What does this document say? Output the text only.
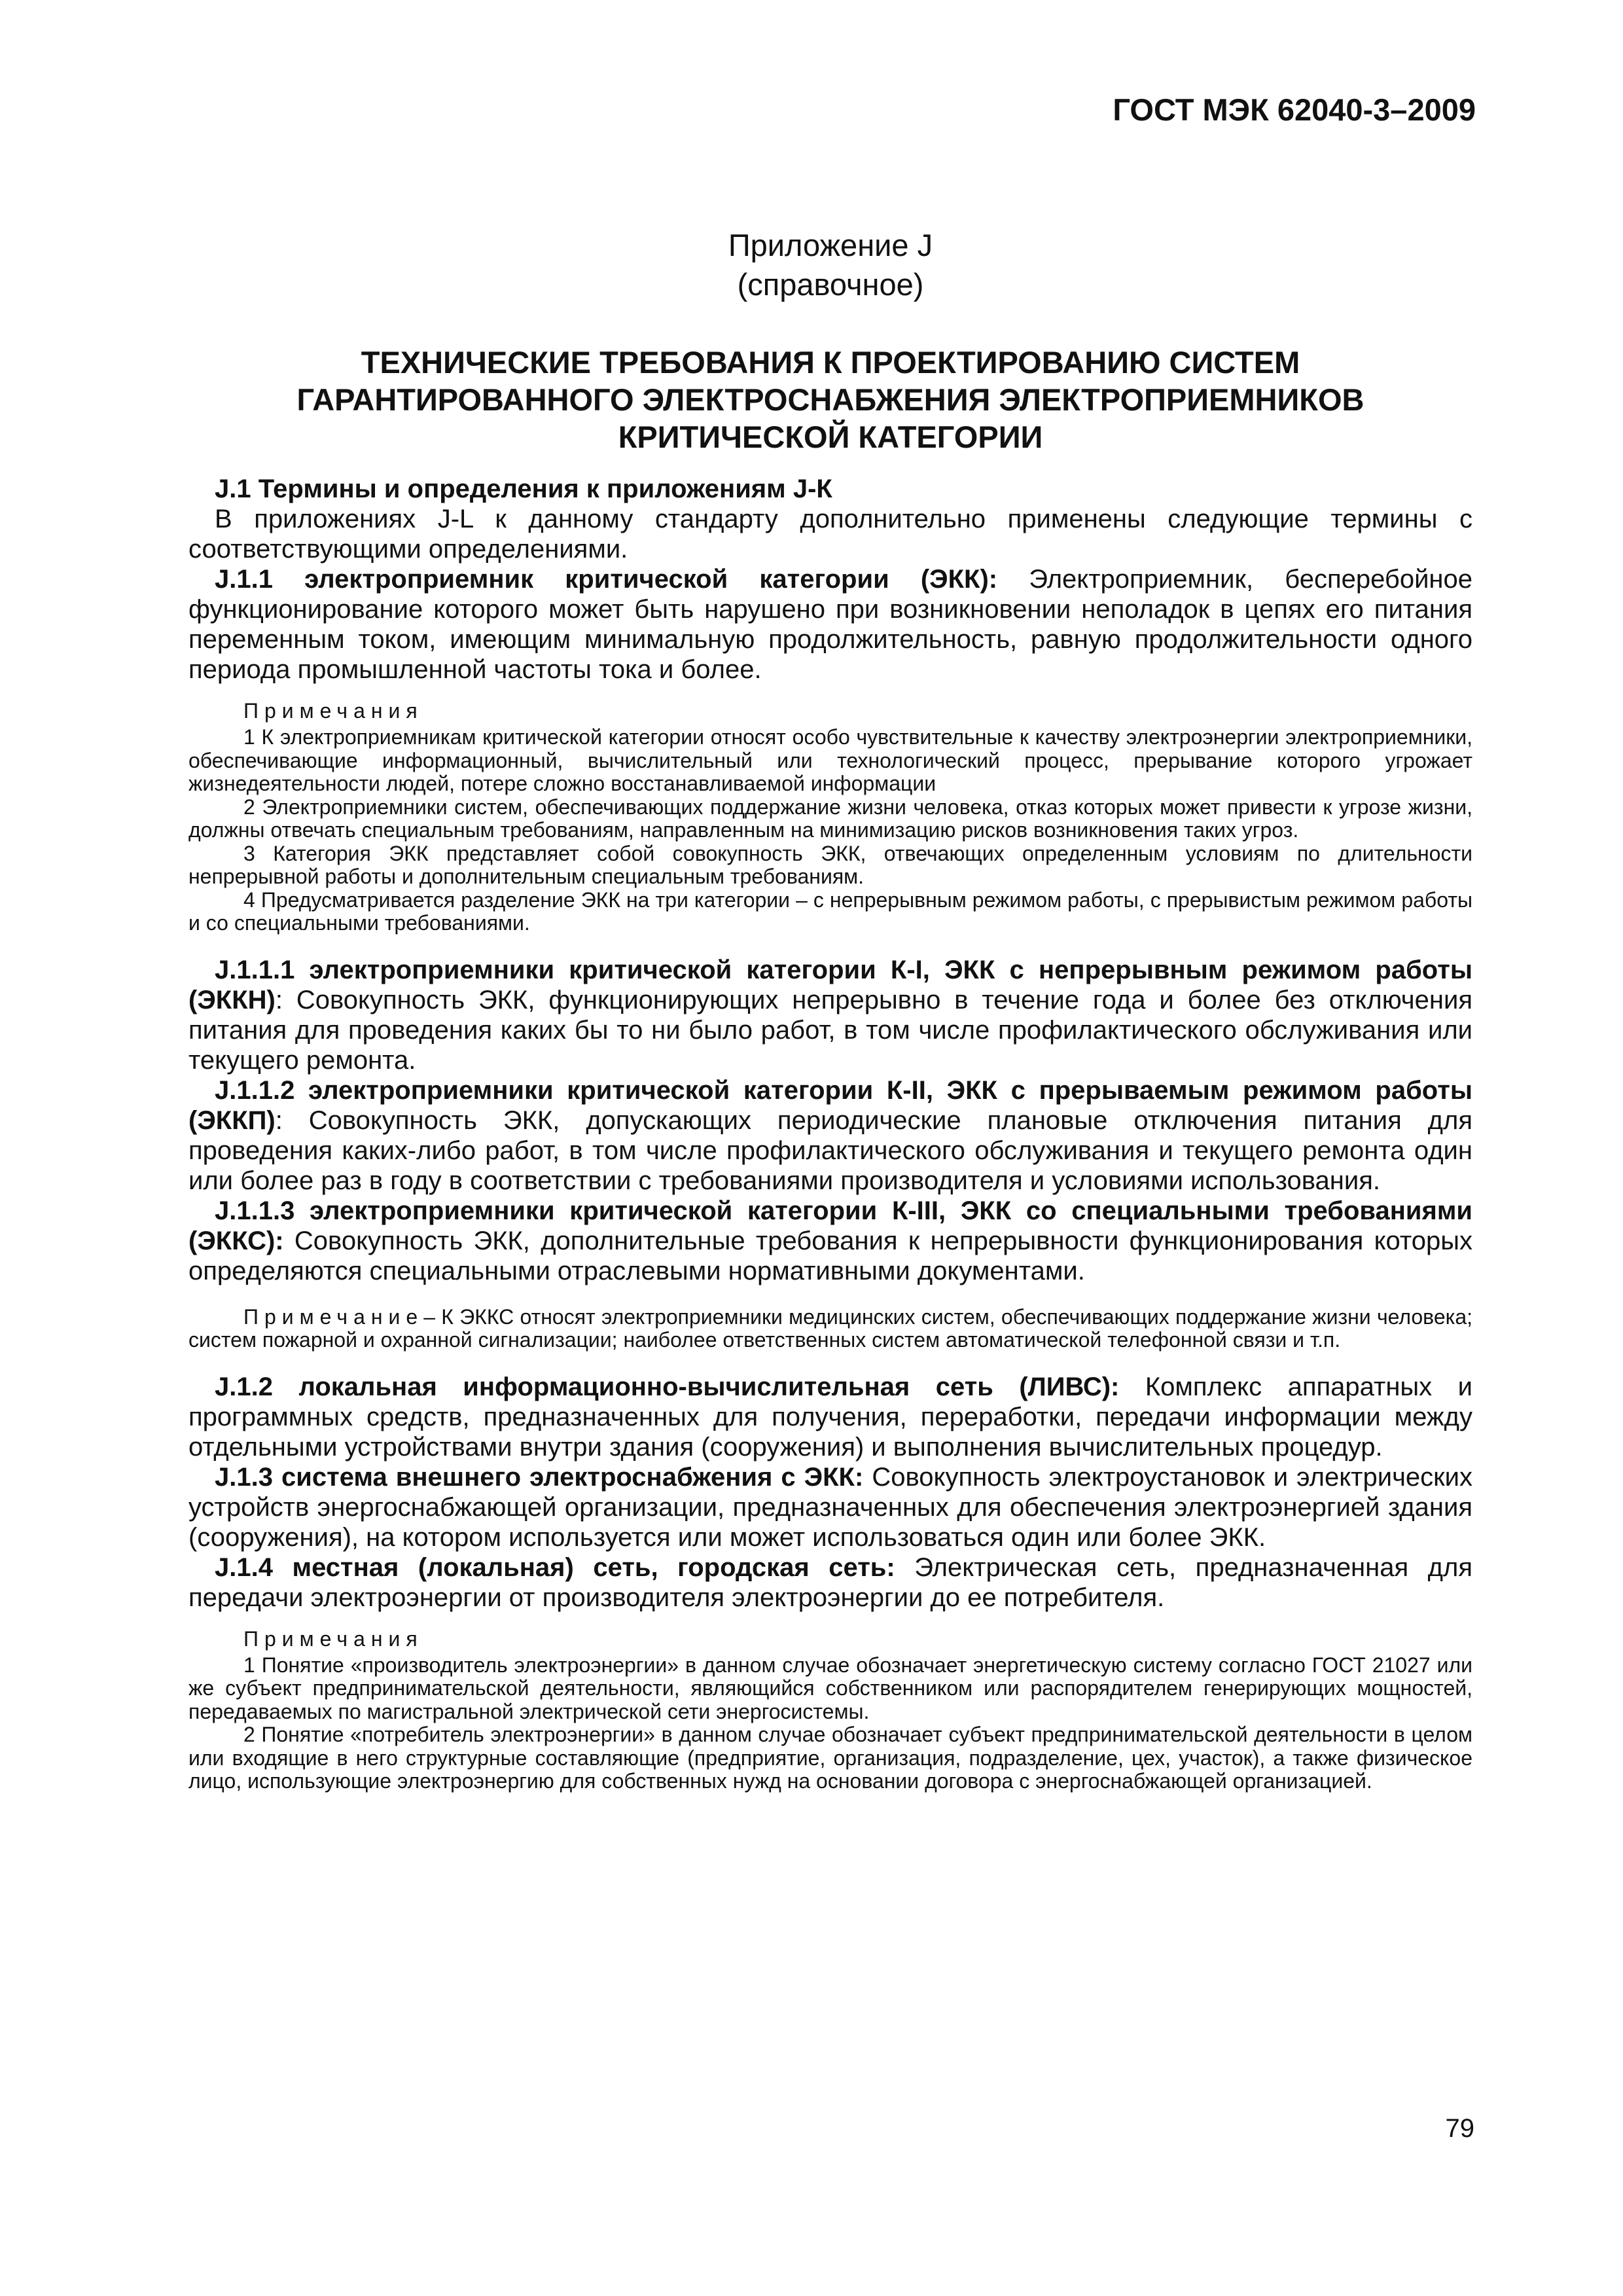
ГОСТ МЭК 62040-3–2009
Приложение J
(справочное)
ТЕХНИЧЕСКИЕ ТРЕБОВАНИЯ К ПРОЕКТИРОВАНИЮ СИСТЕМ
ГАРАНТИРОВАННОГО ЭЛЕКТРОСНАБЖЕНИЯ ЭЛЕКТРОПРИЕМНИКОВ
КРИТИЧЕСКОЙ КАТЕГОРИИ

J.1 Термины и определения к приложениям J-К

В приложениях J-L к данному стандарту дополнительно применены следующие термины с соответствующими определениями.

J.1.1 электроприемник критической категории (ЭКК): Электроприемник, бесперебойное функционирование которого может быть нарушено при возникновении неполадок в цепях его питания переменным током, имеющим минимальную продолжительность, равную продолжительности одного периода промышленной частоты тока и более.

Примечания

1 К электроприемникам критической категории относят особо чувствительные к качеству электроэнергии электроприемники, обеспечивающие информационный, вычислительный или технологический процесс, прерывание которого угрожает жизнедеятельности людей, потере сложно восстанавливаемой информации

2 Электроприемники систем, обеспечивающих поддержание жизни человека, отказ которых может привести к угрозе жизни, должны отвечать специальным требованиям, направленным на минимизацию рисков возникновения таких угроз.

3 Категория ЭКК представляет собой совокупность ЭКК, отвечающих определенным условиям по длительности непрерывной работы и дополнительным специальным требованиям.

4 Предусматривается разделение ЭКК на три категории – с непрерывным режимом работы, с прерывистым режимом работы и со специальными требованиями.

J.1.1.1 электроприемники критической категории К-I, ЭКК с непрерывным режимом работы (ЭККН): Совокупность ЭКК, функционирующих непрерывно в течение года и более без отключения питания для проведения каких бы то ни было работ, в том числе профилактического обслуживания или текущего ремонта.

J.1.1.2 электроприемники критической категории К-II, ЭКК с прерываемым режимом работы (ЭККП): Совокупность ЭКК, допускающих периодические плановые отключения питания для проведения каких-либо работ, в том числе профилактического обслуживания и текущего ремонта один или более раз в году в соответствии с требованиями производителя и условиями использования.

J.1.1.3 электроприемники критической категории К-III, ЭКК со специальными требованиями (ЭККС): Совокупность ЭКК, дополнительные требования к непрерывности функционирования которых определяются специальными отраслевыми нормативными документами.

Примечание– К ЭККС относят электроприемники медицинских систем, обеспечивающих поддержание жизни человека; систем пожарной и охранной сигнализации; наиболее ответственных систем автоматической телефонной связи и т.п.

J.1.2 локальная информационно-вычислительная сеть (ЛИВС): Комплекс аппаратных и программных средств, предназначенных для получения, переработки, передачи информации между отдельными устройствами внутри здания (сооружения) и выполнения вычислительных процедур.

J.1.3 система внешнего электроснабжения с ЭКК: Совокупность электроустановок и электрических устройств энергоснабжающей организации, предназначенных для обеспечения электроэнергией здания (сооружения), на котором используется или может использоваться один или более ЭКК.

J.1.4 местная (локальная) сеть, городская сеть: Электрическая сеть, предназначенная для передачи электроэнергии от производителя электроэнергии до ее потребителя.

Примечания

1 Понятие «производитель электроэнергии» в данном случае обозначает энергетическую систему согласно ГОСТ 21027 или же субъект предпринимательской деятельности, являющийся собственником или распорядителем генерирующих мощностей, передаваемых по магистральной электрической сети энергосистемы.

2 Понятие «потребитель электроэнергии» в данном случае обозначает субъект предпринимательской деятельности в целом или входящие в него структурные составляющие (предприятие, организация, подразделение, цех, участок), а также физическое лицо, использующие электроэнергию для собственных нужд на основании договора с энергоснабжающей организацией.

79
